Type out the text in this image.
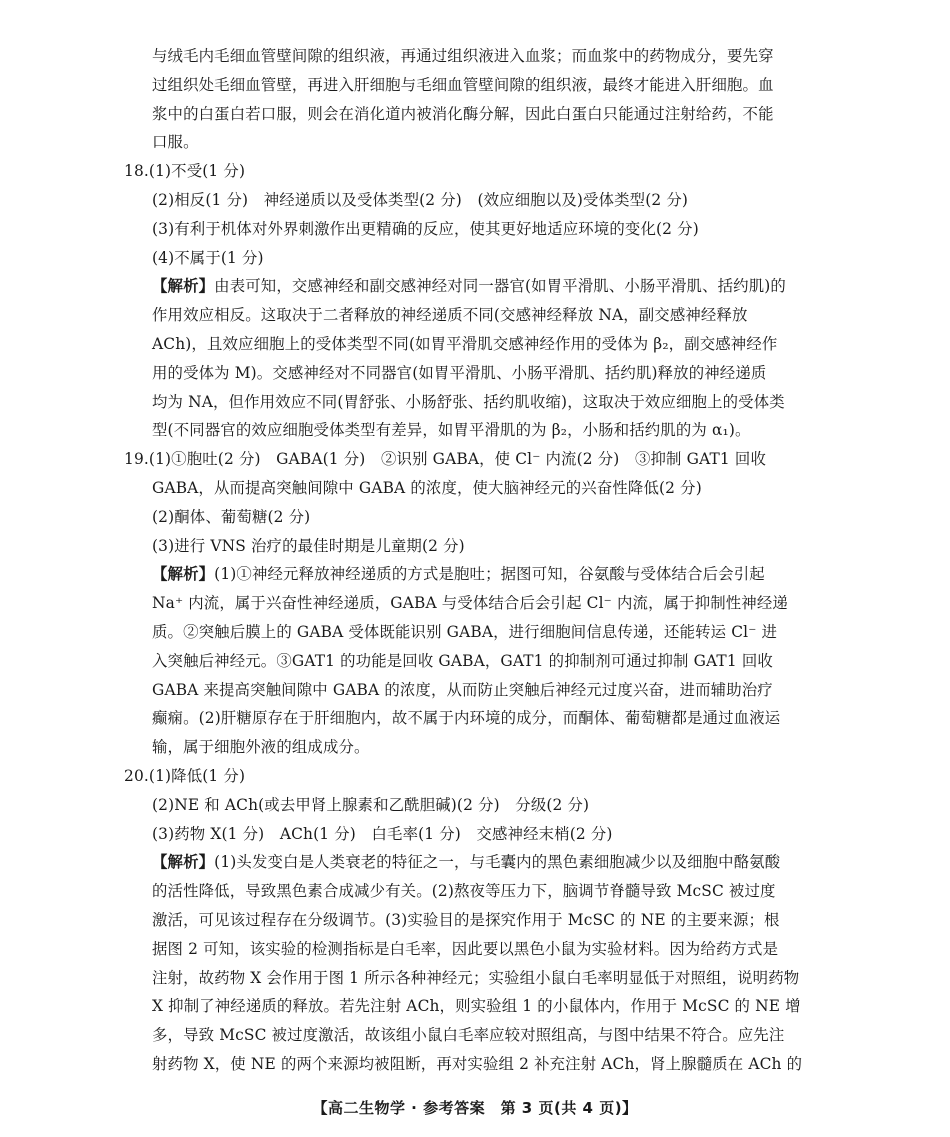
与绒毛内毛细血管壁间隙的组织液，再通过组织液进入血浆；而血浆中的药物成分，要先穿
过组织处毛细血管壁，再进入肝细胞与毛细血管壁间隙的组织液，最终才能进入肝细胞。血
浆中的白蛋白若口服，则会在消化道内被消化酶分解，因此白蛋白只能通过注射给药，不能
口服。
18.(1)不受(1 分)
(2)相反(1 分)　神经递质以及受体类型(2 分)　(效应细胞以及)受体类型(2 分)
(3)有利于机体对外界刺激作出更精确的反应，使其更好地适应环境的变化(2 分)
(4)不属于(1 分)
【解析】由表可知，交感神经和副交感神经对同一器官(如胃平滑肌、小肠平滑肌、括约肌)的
作用效应相反。这取决于二者释放的神经递质不同(交感神经释放 NA，副交感神经释放
ACh)，且效应细胞上的受体类型不同(如胃平滑肌交感神经作用的受体为 β₂，副交感神经作
用的受体为 M)。交感神经对不同器官(如胃平滑肌、小肠平滑肌、括约肌)释放的神经递质
均为 NA，但作用效应不同(胃舒张、小肠舒张、括约肌收缩)，这取决于效应细胞上的受体类
型(不同器官的效应细胞受体类型有差异，如胃平滑肌的为 β₂，小肠和括约肌的为 α₁)。
19.(1)①胞吐(2 分)　GABA(1 分)　②识别 GABA，使 Cl⁻ 内流(2 分)　③抑制 GAT1 回收
GABA，从而提高突触间隙中 GABA 的浓度，使大脑神经元的兴奋性降低(2 分)
(2)酮体、葡萄糖(2 分)
(3)进行 VNS 治疗的最佳时期是儿童期(2 分)
【解析】(1)①神经元释放神经递质的方式是胞吐；据图可知，谷氨酸与受体结合后会引起
Na⁺ 内流，属于兴奋性神经递质，GABA 与受体结合后会引起 Cl⁻ 内流，属于抑制性神经递
质。②突触后膜上的 GABA 受体既能识别 GABA，进行细胞间信息传递，还能转运 Cl⁻ 进
入突触后神经元。③GAT1 的功能是回收 GABA，GAT1 的抑制剂可通过抑制 GAT1 回收
GABA 来提高突触间隙中 GABA 的浓度，从而防止突触后神经元过度兴奋，进而辅助治疗
癫痫。(2)肝糖原存在于肝细胞内，故不属于内环境的成分，而酮体、葡萄糖都是通过血液运
输，属于细胞外液的组成成分。
20.(1)降低(1 分)
(2)NE 和 ACh(或去甲肾上腺素和乙酰胆碱)(2 分)　分级(2 分)
(3)药物 X(1 分)　ACh(1 分)　白毛率(1 分)　交感神经末梢(2 分)
【解析】(1)头发变白是人类衰老的特征之一，与毛囊内的黑色素细胞减少以及细胞中酪氨酸
的活性降低，导致黑色素合成减少有关。(2)熬夜等压力下，脑调节脊髓导致 McSC 被过度
激活，可见该过程存在分级调节。(3)实验目的是探究作用于 McSC 的 NE 的主要来源；根
据图 2 可知，该实验的检测指标是白毛率，因此要以黑色小鼠为实验材料。因为给药方式是
注射，故药物 X 会作用于图 1 所示各种神经元；实验组小鼠白毛率明显低于对照组，说明药物
X 抑制了神经递质的释放。若先注射 ACh，则实验组 1 的小鼠体内，作用于 McSC 的 NE 增
多，导致 McSC 被过度激活，故该组小鼠白毛率应较对照组高，与图中结果不符合。应先注
射药物 X，使 NE 的两个来源均被阻断，再对实验组 2 补充注射 ACh，肾上腺髓质在 ACh 的
【高二生物学 · 参考答案　第 3 页(共 4 页)】
